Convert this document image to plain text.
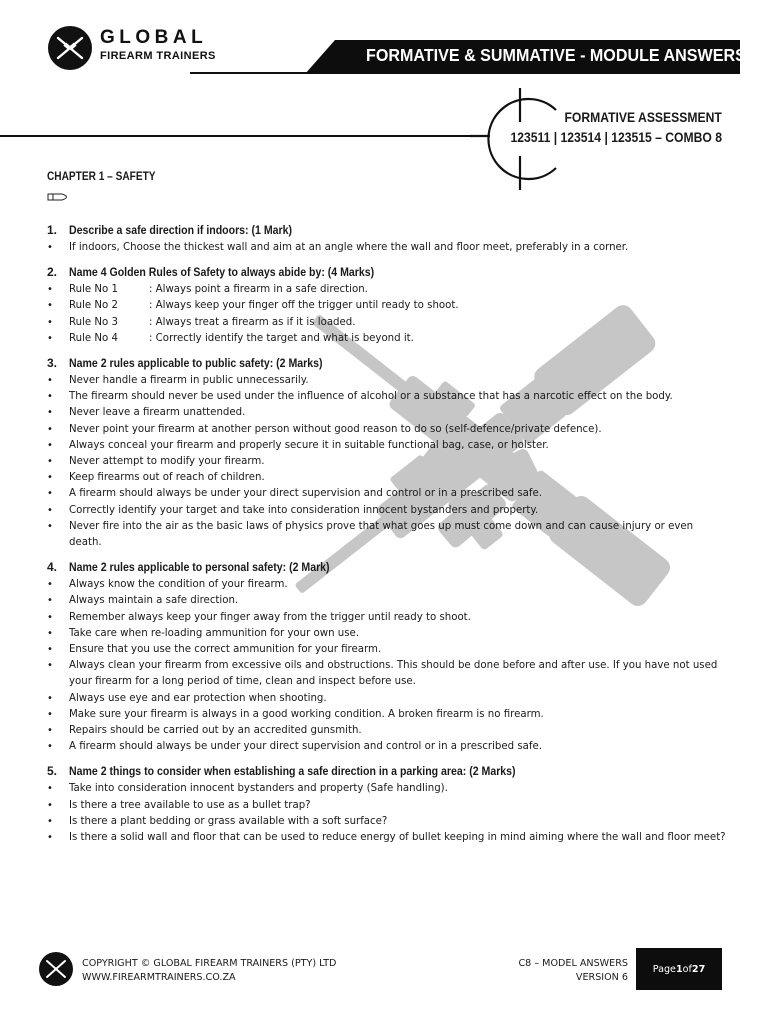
GLOBAL
FIREARM TRAINERS	FORMATIVE & SUMMATIVE - MODULE ANSWERS
FORMATIVE ASSESSMENT
123511 | 123514 | 123515 – COMBO 8
CHAPTER 1 – SAFETY
1. Describe a safe direction if indoors: (1 Mark)
• If indoors, Choose the thickest wall and aim at an angle where the wall and floor meet, preferably in a corner.
2. Name 4 Golden Rules of Safety to always abide by: (4 Marks)
• Rule No 1	: Always point a firearm in a safe direction.
• Rule No 2	: Always keep your finger off the trigger until ready to shoot.
• Rule No 3	: Always treat a firearm as if it is loaded.
• Rule No 4	: Correctly identify the target and what is beyond it.
3. Name 2 rules applicable to public safety: (2 Marks)
• Never handle a firearm in public unnecessarily.
• The firearm should never be used under the influence of alcohol or a substance that has a narcotic effect on the body.
• Never leave a firearm unattended.
• Never point your firearm at another person without good reason to do so (self-defence/private defence).
• Always conceal your firearm and properly secure it in suitable functional bag, case, or holster.
• Never attempt to modify your firearm.
• Keep firearms out of reach of children.
• A firearm should always be under your direct supervision and control or in a prescribed safe.
• Correctly identify your target and take into consideration innocent bystanders and property.
• Never fire into the air as the basic laws of physics prove that what goes up must come down and can cause injury or even death.
4. Name 2 rules applicable to personal safety: (2 Mark)
• Always know the condition of your firearm.
• Always maintain a safe direction.
• Remember always keep your finger away from the trigger until ready to shoot.
• Take care when re-loading ammunition for your own use.
• Ensure that you use the correct ammunition for your firearm.
• Always clean your firearm from excessive oils and obstructions. This should be done before and after use. If you have not used your firearm for a long period of time, clean and inspect before use.
• Always use eye and ear protection when shooting.
• Make sure your firearm is always in a good working condition. A broken firearm is no firearm.
• Repairs should be carried out by an accredited gunsmith.
• A firearm should always be under your direct supervision and control or in a prescribed safe.
5. Name 2 things to consider when establishing a safe direction in a parking area: (2 Marks)
• Take into consideration innocent bystanders and property (Safe handling).
• Is there a tree available to use as a bullet trap?
• Is there a plant bedding or grass available with a soft surface?
• Is there a solid wall and floor that can be used to reduce energy of bullet keeping in mind aiming where the wall and floor meet?
COPYRIGHT © GLOBAL FIREARM TRAINERS (PTY) LTD
WWW.FIREARMTRAINERS.CO.ZA
C8 – MODEL ANSWERS
VERSION 6
Page 1 of 27
